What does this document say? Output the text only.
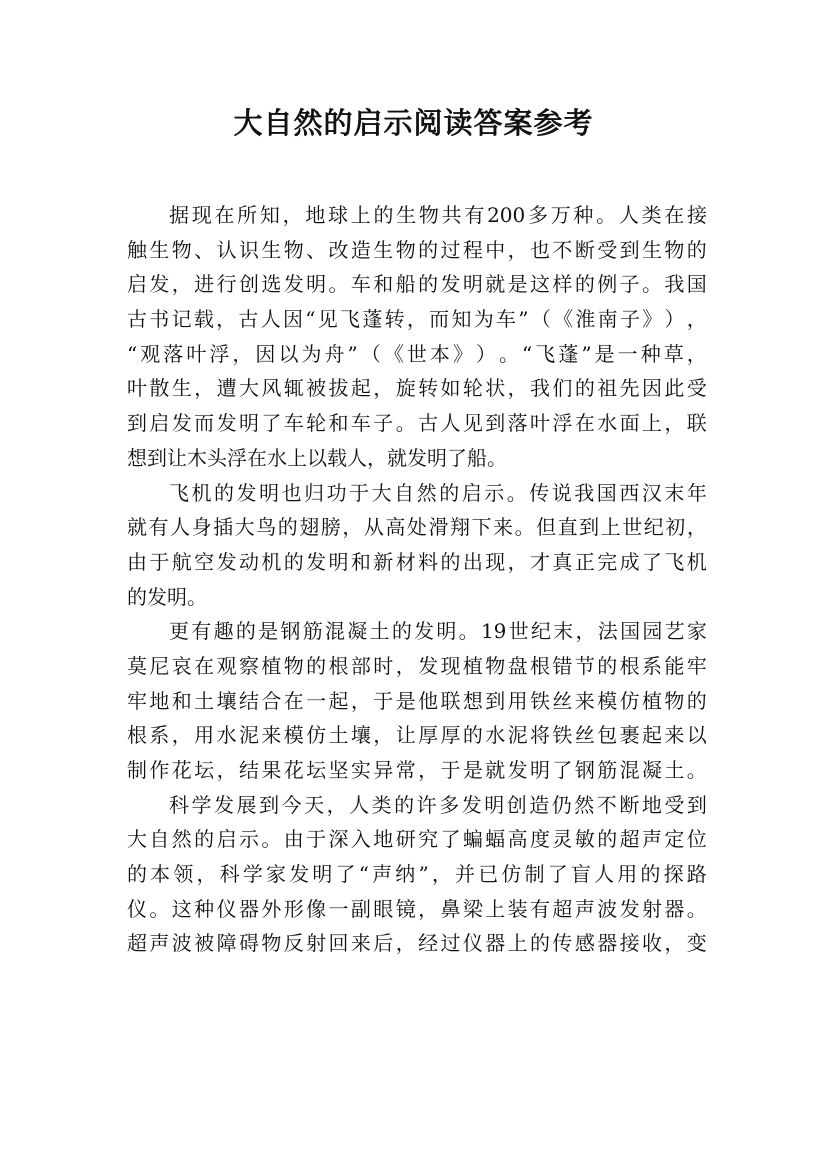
大自然的启示阅读答案参考
据 现 在 所 知 ， 地 球 上 的 生 物 共 有 200 多 万 种 。 人 类 在 接
触 生 物 、 认 识 生 物 、 改 造 生 物 的 过 程 中 ， 也 不 断 受 到 生 物 的
启 发 ， 进 行 创 选 发 明 。 车 和 船 的 发 明 就 是 这 样 的 例 子 。 我 国
古 书 记 载 ， 古 人 因 “ 见 飞 蓬 转 ， 而 知 为 车 ” （ 《 淮 南 子 》 ） ，
“ 观 落 叶 浮 ， 因 以 为 舟 ” （ 《 世 本 》 ） 。 “ 飞 蓬 ” 是 一 种 草 ，
叶 散 生 ， 遭 大 风 辄 被 拔 起 ， 旋 转 如 轮 状 ， 我 们 的 祖 先 因 此 受
到 启 发 而 发 明 了 车 轮 和 车 子 。 古 人 见 到 落 叶 浮 在 水 面 上 ， 联
想 到 让 木 头 浮 在 水 上 以 载 人 ， 就 发 明 了 船 。
飞 机 的 发 明 也 归 功 于 大 自 然 的 启 示 。 传 说 我 国 西 汉 末 年
就 有 人 身 插 大 鸟 的 翅 膀 ， 从 高 处 滑 翔 下 来 。 但 直 到 上 世 纪 初 ，
由 于 航 空 发 动 机 的 发 明 和 新 材 料 的 出 现 ， 才 真 正 完 成 了 飞 机
的 发 明 。
更 有 趣 的 是 钢 筋 混 凝 土 的 发 明 。 19 世 纪 末 ， 法 国 园 艺 家
莫 尼 哀 在 观 察 植 物 的 根 部 时 ， 发 现 植 物 盘 根 错 节 的 根 系 能 牢
牢 地 和 土 壤 结 合 在 一 起 ， 于 是 他 联 想 到 用 铁 丝 来 模 仿 植 物 的
根 系 ， 用 水 泥 来 模 仿 土 壤 ， 让 厚 厚 的 水 泥 将 铁 丝 包 裹 起 来 以
制 作 花 坛 ， 结 果 花 坛 坚 实 异 常 ， 于 是 就 发 明 了 钢 筋 混 凝 土 。
科 学 发 展 到 今 天 ， 人 类 的 许 多 发 明 创 造 仍 然 不 断 地 受 到
大 自 然 的 启 示 。 由 于 深 入 地 研 究 了 蝙 蝠 高 度 灵 敏 的 超 声 定 位
的 本 领 ， 科 学 家 发 明 了 “ 声 纳 ” ， 并 已 仿 制 了 盲 人 用 的 探 路
仪 。 这 种 仪 器 外 形 像 一 副 眼 镜 ， 鼻 梁 上 装 有 超 声 波 发 射 器 。
超 声 波 被 障 碍 物 反 射 回 来 后 ， 经 过 仪 器 上 的 传 感 器 接 收 ， 变
